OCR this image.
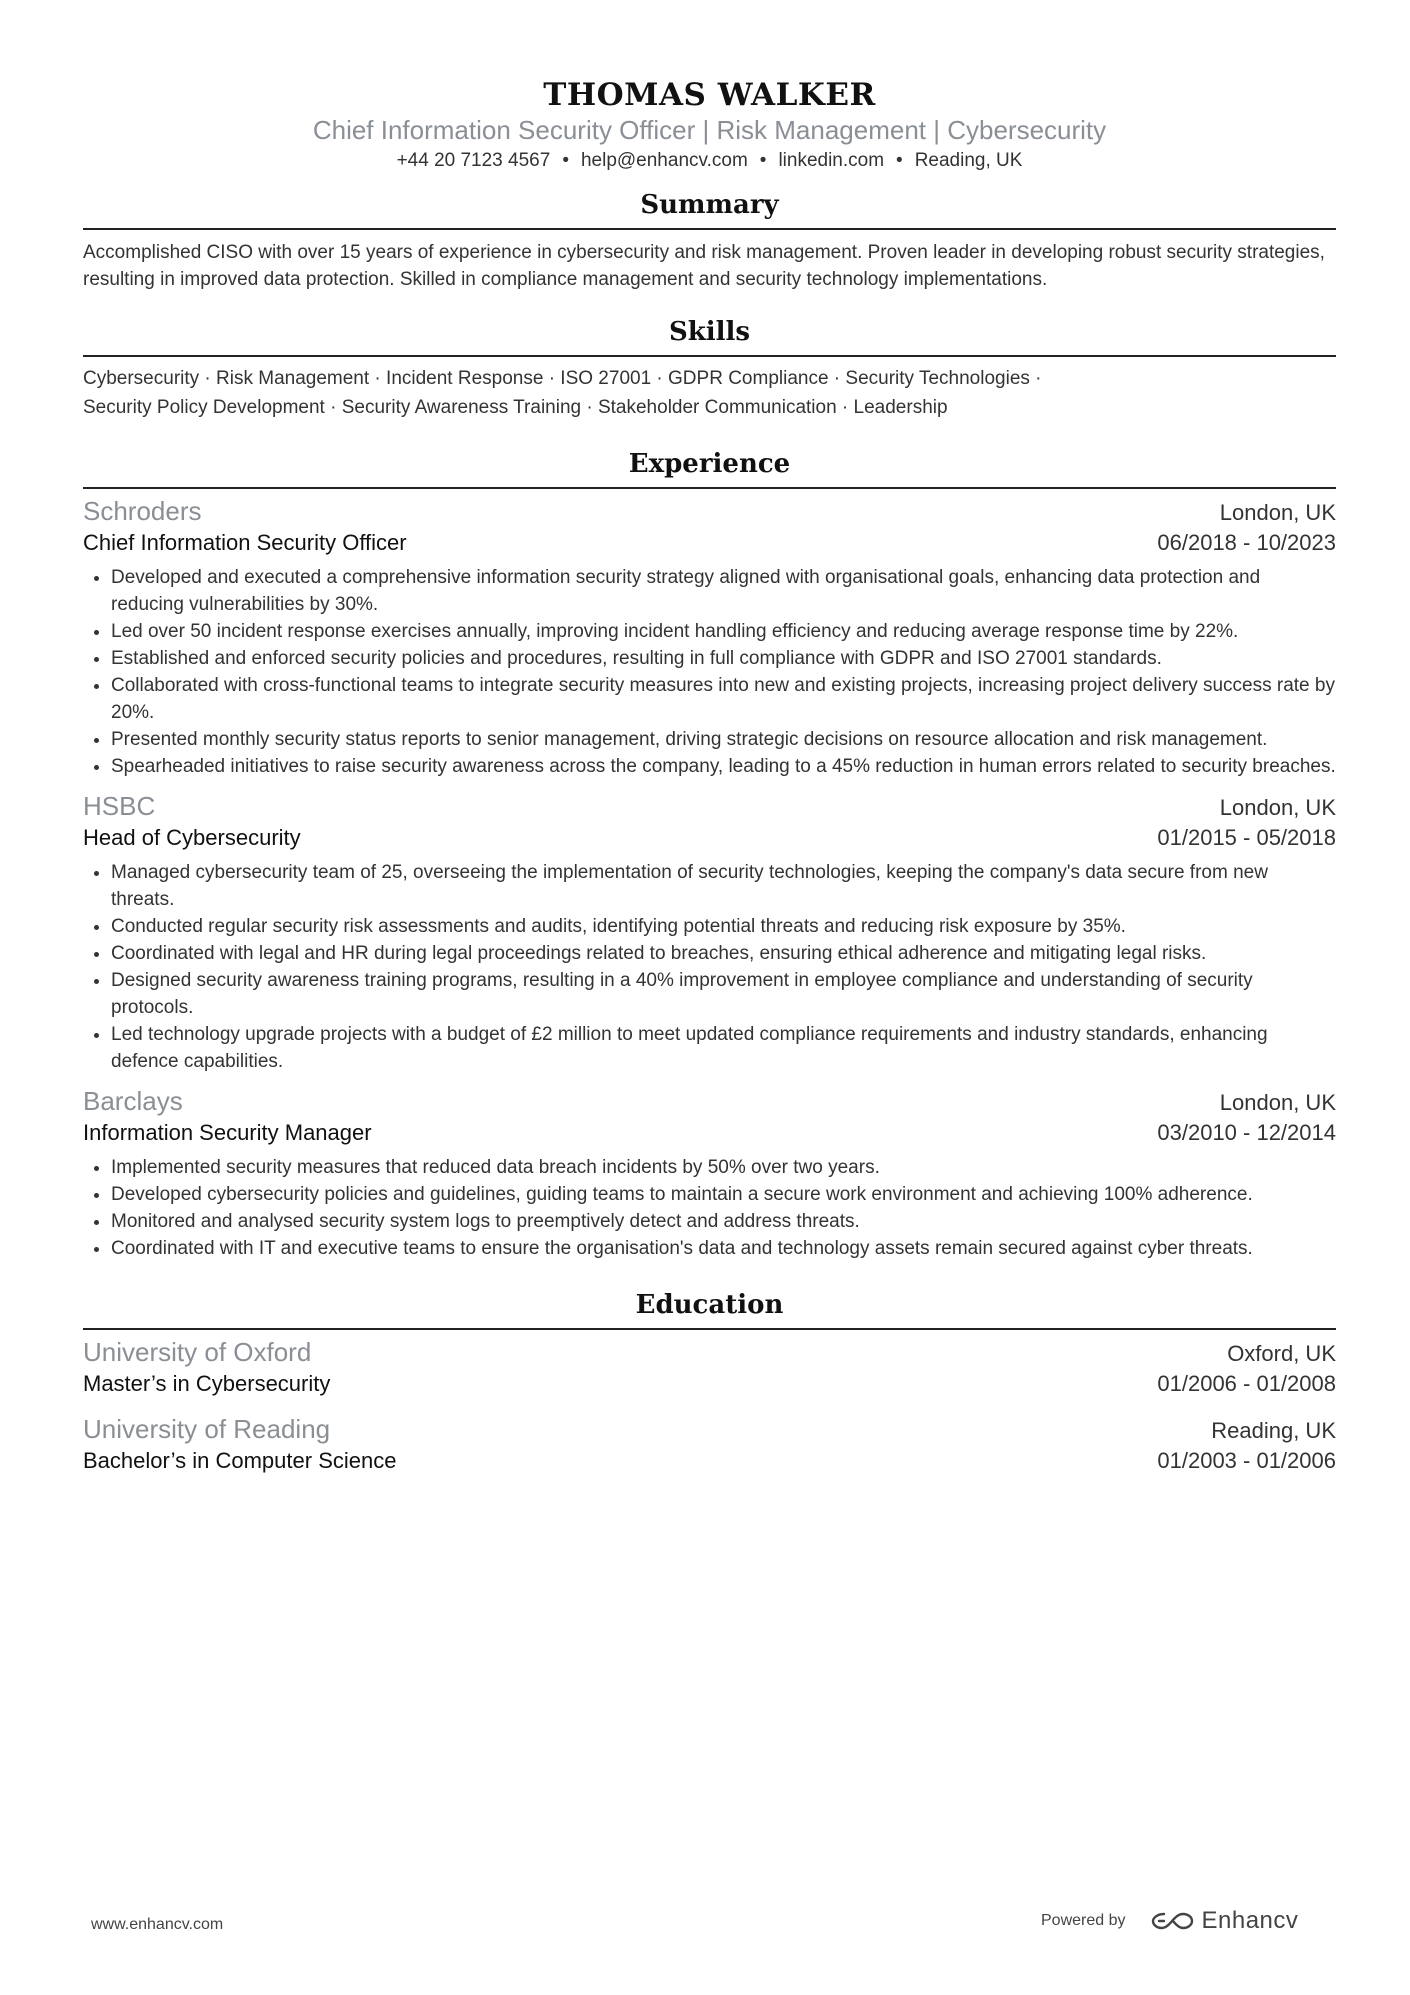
THOMAS WALKER
Chief Information Security Officer | Risk Management | Cybersecurity
+44 20 7123 4567 • help@enhancv.com • linkedin.com • Reading, UK
Summary
Accomplished CISO with over 15 years of experience in cybersecurity and risk management. Proven leader in developing robust security strategies, resulting in improved data protection. Skilled in compliance management and security technology implementations.
Skills
Cybersecurity · Risk Management · Incident Response · ISO 27001 · GDPR Compliance · Security Technologies ·
Security Policy Development · Security Awareness Training · Stakeholder Communication · Leadership
Experience
Schroders	London, UK
Chief Information Security Officer	06/2018 - 10/2023
• Developed and executed a comprehensive information security strategy aligned with organisational goals, enhancing data protection and reducing vulnerabilities by 30%.
• Led over 50 incident response exercises annually, improving incident handling efficiency and reducing average response time by 22%.
• Established and enforced security policies and procedures, resulting in full compliance with GDPR and ISO 27001 standards.
• Collaborated with cross-functional teams to integrate security measures into new and existing projects, increasing project delivery success rate by 20%.
• Presented monthly security status reports to senior management, driving strategic decisions on resource allocation and risk management.
• Spearheaded initiatives to raise security awareness across the company, leading to a 45% reduction in human errors related to security breaches.
HSBC	London, UK
Head of Cybersecurity	01/2015 - 05/2018
• Managed cybersecurity team of 25, overseeing the implementation of security technologies, keeping the company's data secure from new threats.
• Conducted regular security risk assessments and audits, identifying potential threats and reducing risk exposure by 35%.
• Coordinated with legal and HR during legal proceedings related to breaches, ensuring ethical adherence and mitigating legal risks.
• Designed security awareness training programs, resulting in a 40% improvement in employee compliance and understanding of security protocols.
• Led technology upgrade projects with a budget of £2 million to meet updated compliance requirements and industry standards, enhancing defence capabilities.
Barclays	London, UK
Information Security Manager	03/2010 - 12/2014
• Implemented security measures that reduced data breach incidents by 50% over two years.
• Developed cybersecurity policies and guidelines, guiding teams to maintain a secure work environment and achieving 100% adherence.
• Monitored and analysed security system logs to preemptively detect and address threats.
• Coordinated with IT and executive teams to ensure the organisation's data and technology assets remain secured against cyber threats.
Education
University of Oxford	Oxford, UK
Master’s in Cybersecurity	01/2006 - 01/2008
University of Reading	Reading, UK
Bachelor’s in Computer Science	01/2003 - 01/2006
www.enhancv.com	Powered by	Enhancv
